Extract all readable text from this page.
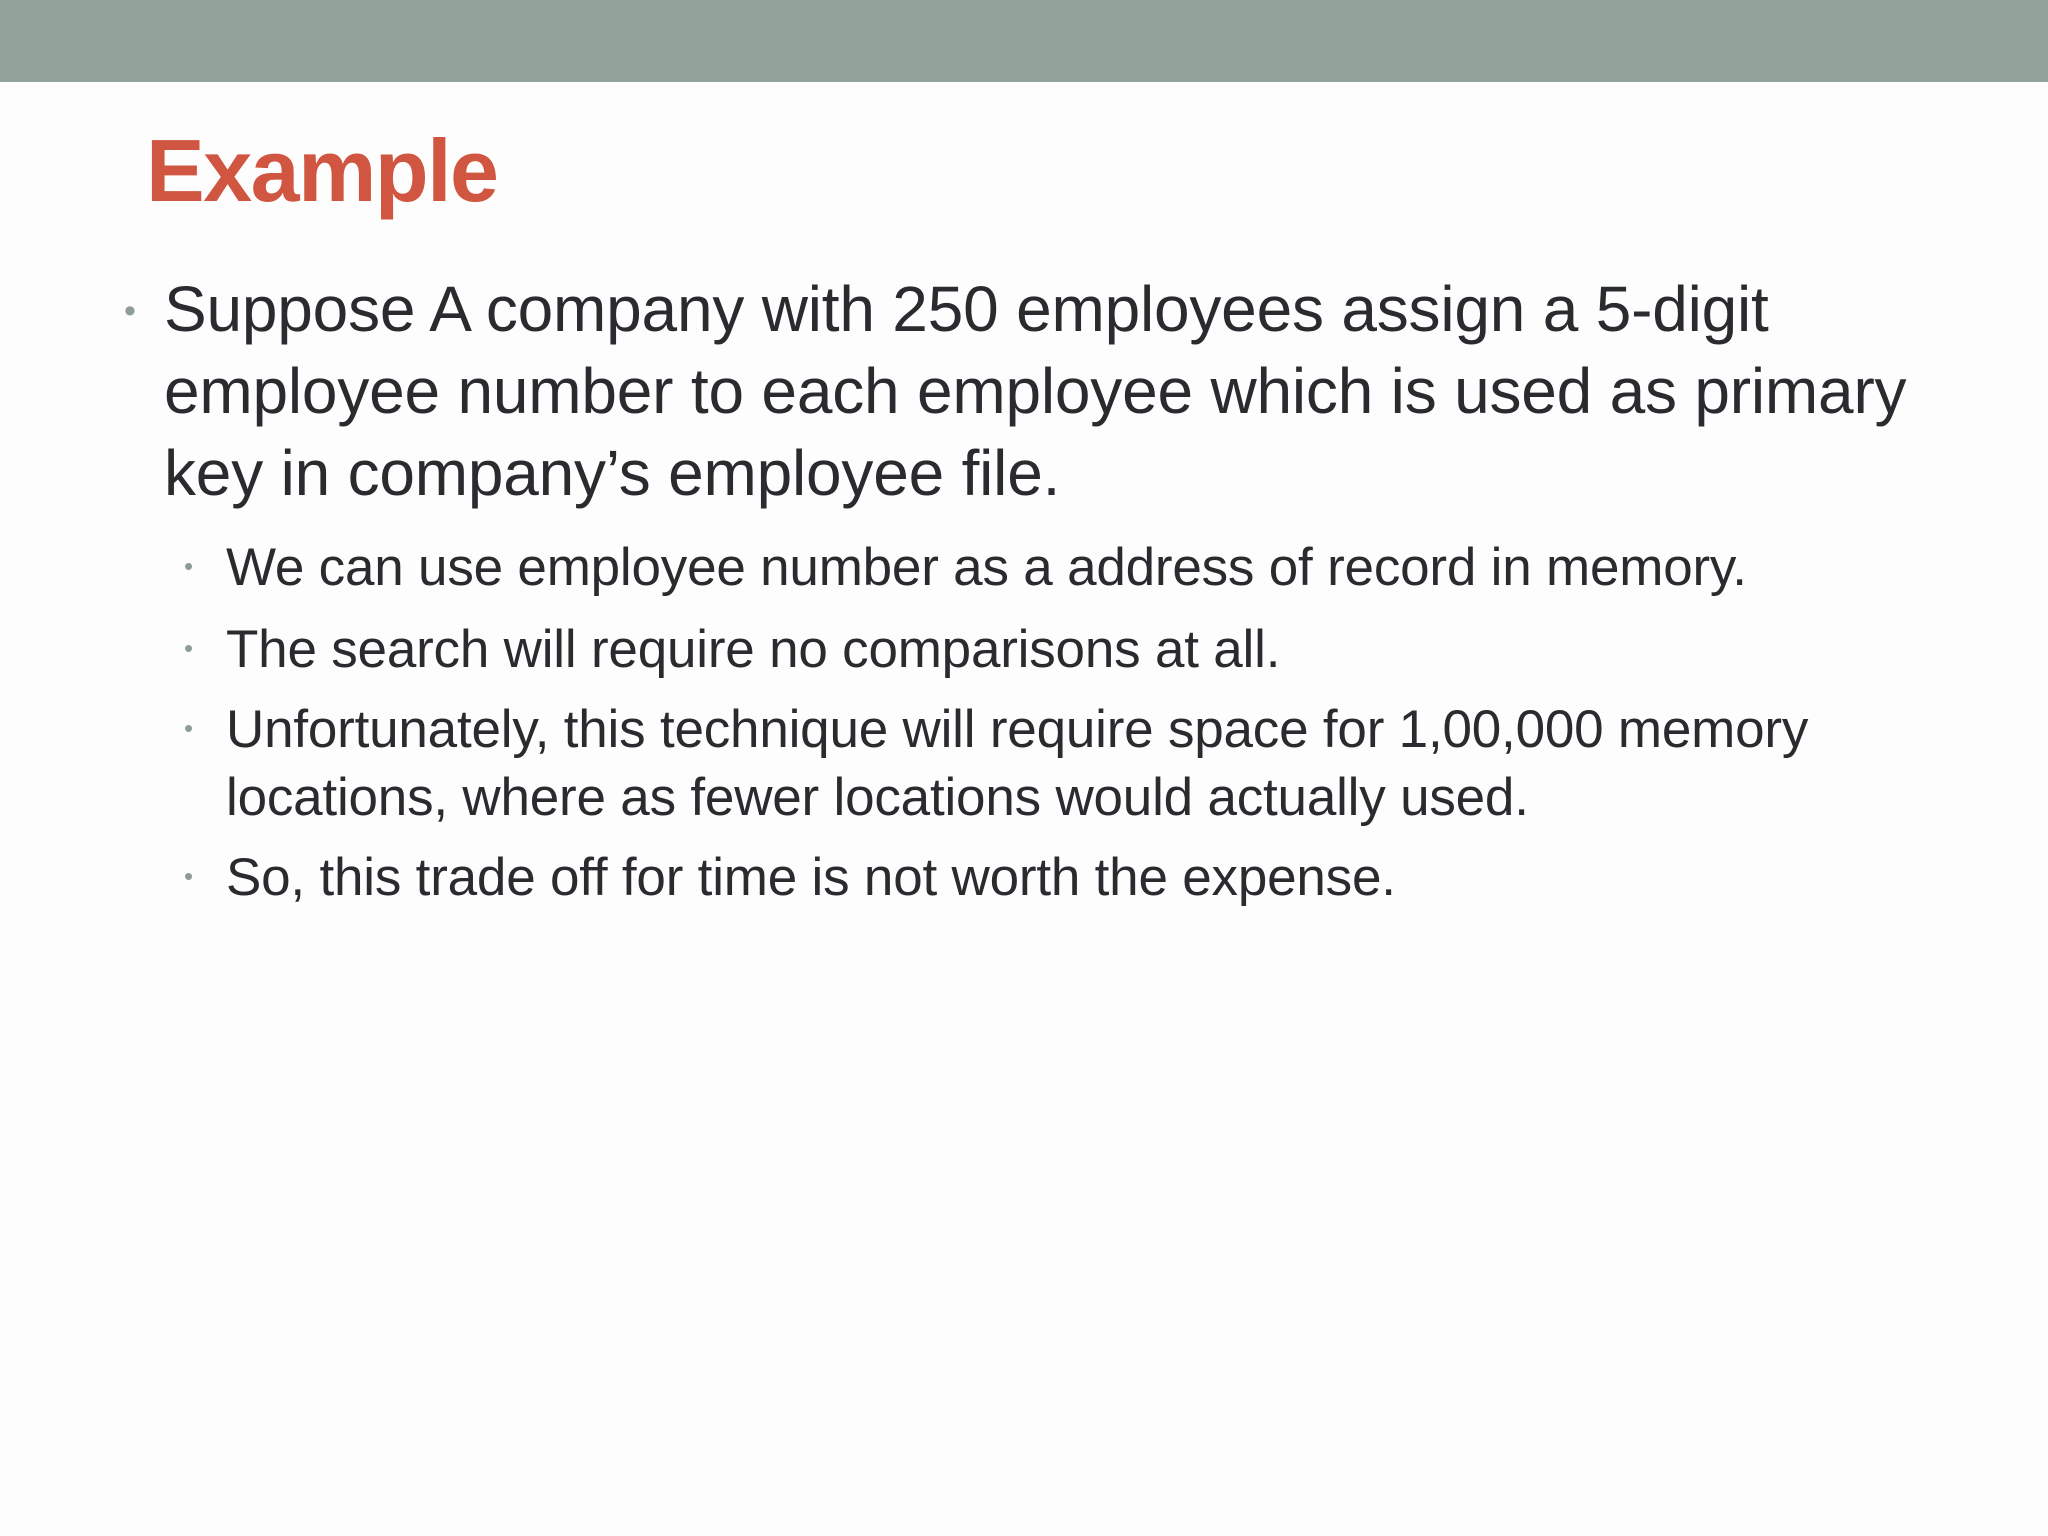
Example
• Suppose A company with 250 employees assign a 5-digit employee number to each employee which is used as primary key in company’s employee file.

• We can use employee number as a address of record in memory.

• The search will require no comparisons at all.

• Unfortunately, this technique will require space for 1,00,000 memory locations, where as fewer locations would actually used.

• So, this trade off for time is not worth the expense.
